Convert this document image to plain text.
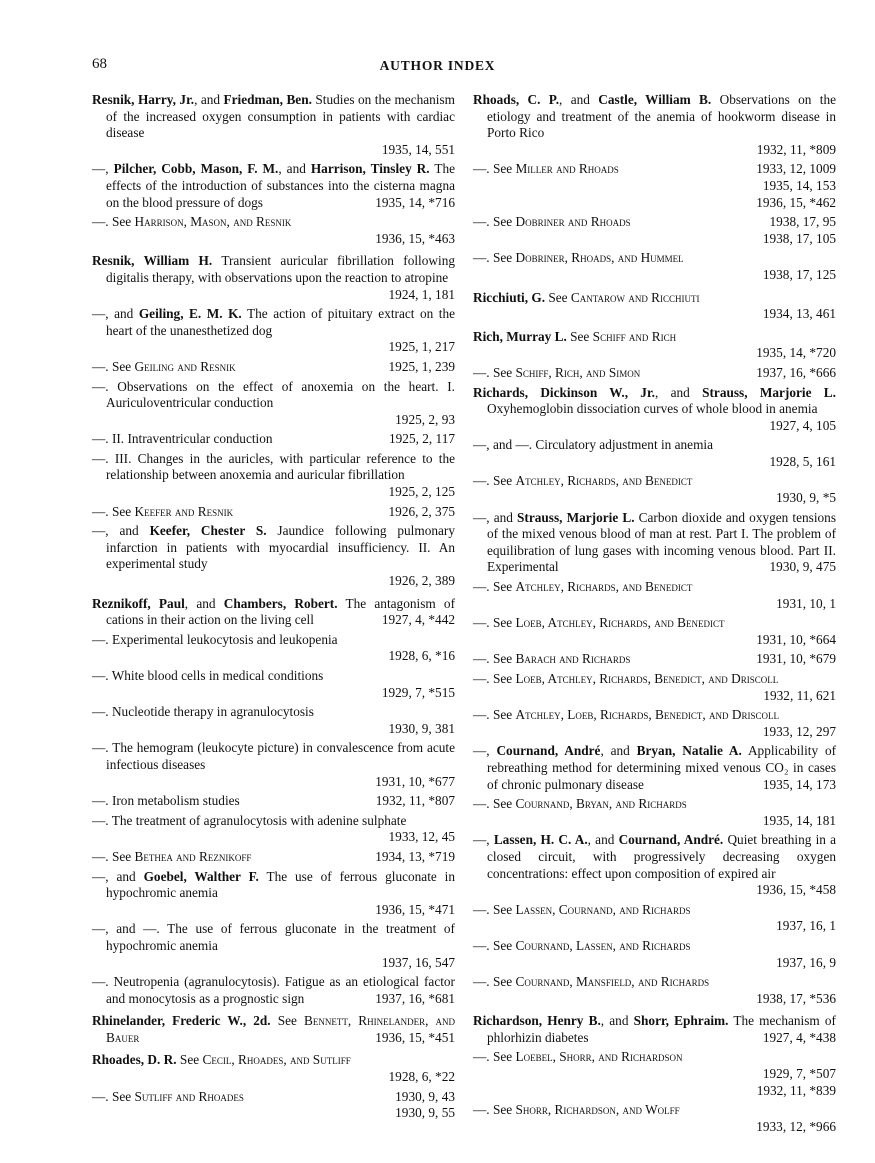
68	AUTHOR INDEX
Resnik, Harry, Jr., and Friedman, Ben. Studies on the mechanism of the increased oxygen consumption in patients with cardiac disease
1935, 14, 551
—, Pilcher, Cobb, Mason, F. M., and Harrison, Tinsley R. The effects of the introduction of substances into the cisterna magna on the blood pressure of dogs	1935, 14, *716
—. See Harrison, Mason, and Resnik
1936, 15, *463
Resnik, William H. Transient auricular fibrillation following digitalis therapy, with observations upon the reaction to atropine
1924, 1, 181
—, and Geiling, E. M. K. The action of pituitary extract on the heart of the unanesthetized dog
1925, 1, 217
—. See Geiling and Resnik	1925, 1, 239
—. Observations on the effect of anoxemia on the heart. I. Auriculoventricular conduction
1925, 2, 93
—. II. Intraventricular conduction	1925, 2, 117
—. III. Changes in the auricles, with particular reference to the relationship between anoxemia and auricular fibrillation
1925, 2, 125
—. See Keefer and Resnik	1926, 2, 375
—, and Keefer, Chester S. Jaundice following pulmonary infarction in patients with myocardial insufficiency. II. An experimental study
1926, 2, 389
Reznikoff, Paul, and Chambers, Robert. The antagonism of cations in their action on the living cell	1927, 4, *442
—. Experimental leukocytosis and leukopenia
1928, 6, *16
—. White blood cells in medical conditions
1929, 7, *515
—. Nucleotide therapy in agranulocytosis
1930, 9, 381
—. The hemogram (leukocyte picture) in convalescence from acute infectious diseases
1931, 10, *677
—. Iron metabolism studies	1932, 11, *807
—. The treatment of agranulocytosis with adenine sulphate
1933, 12, 45
—. See Bethea and Reznikoff	1934, 13, *719
—, and Goebel, Walther F. The use of ferrous gluconate in hypochromic anemia
1936, 15, *471
—, and —. The use of ferrous gluconate in the treatment of hypochromic anemia
1937, 16, 547
—. Neutropenia (agranulocytosis). Fatigue as an etiological factor and monocytosis as a prognostic sign	1937, 16, *681
Rhinelander, Frederic W., 2d. See Bennett, Rhinelander, and Bauer	1936, 15, *451
Rhoades, D. R. See Cecil, Rhoades, and Sutliff
1928, 6, *22
—. See Sutliff and Rhoades	1930, 9, 43
1930, 9, 55
Rhoads, C. P., and Castle, William B. Observations on the etiology and treatment of the anemia of hookworm disease in Porto Rico
1932, 11, *809
—. See Miller and Rhoads	1933, 12, 1009
1935, 14, 153
1936, 15, *462
—. See Dobriner and Rhoads	1938, 17, 95
1938, 17, 105
—. See Dobriner, Rhoads, and Hummel
1938, 17, 125
Ricchiuti, G. See Cantarow and Ricchiuti
1934, 13, 461
Rich, Murray L. See Schiff and Rich
1935, 14, *720
—. See Schiff, Rich, and Simon	1937, 16, *666
Richards, Dickinson W., Jr., and Strauss, Marjorie L. Oxyhemoglobin dissociation curves of whole blood in anemia
1927, 4, 105
—, and —. Circulatory adjustment in anemia
1928, 5, 161
—. See Atchley, Richards, and Benedict
1930, 9, *5
—, and Strauss, Marjorie L. Carbon dioxide and oxygen tensions of the mixed venous blood of man at rest. Part I. The problem of equilibration of lung gases with incoming venous blood. Part II. Experimental	1930, 9, 475
—. See Atchley, Richards, and Benedict
1931, 10, 1
—. See Loeb, Atchley, Richards, and Benedict
1931, 10, *664
—. See Barach and Richards	1931, 10, *679
—. See Loeb, Atchley, Richards, Benedict, and Driscoll
1932, 11, 621
—. See Atchley, Loeb, Richards, Benedict, and Driscoll
1933, 12, 297
—, Cournand, André, and Bryan, Natalie A. Applicability of rebreathing method for determining mixed venous CO₂ in cases of chronic pulmonary disease	1935, 14, 173
—. See Cournand, Bryan, and Richards
1935, 14, 181
—, Lassen, H. C. A., and Cournand, André. Quiet breathing in a closed circuit, with progressively decreasing oxygen concentrations: effect upon composition of expired air
1936, 15, *458
—. See Lassen, Cournand, and Richards
1937, 16, 1
—. See Cournand, Lassen, and Richards
1937, 16, 9
—. See Cournand, Mansfield, and Richards
1938, 17, *536
Richardson, Henry B., and Shorr, Ephraim. The mechanism of phlorhizin diabetes	1927, 4, *438
—. See Loebel, Shorr, and Richardson
1929, 7, *507
1932, 11, *839
—. See Shorr, Richardson, and Wolff
1933, 12, *966
